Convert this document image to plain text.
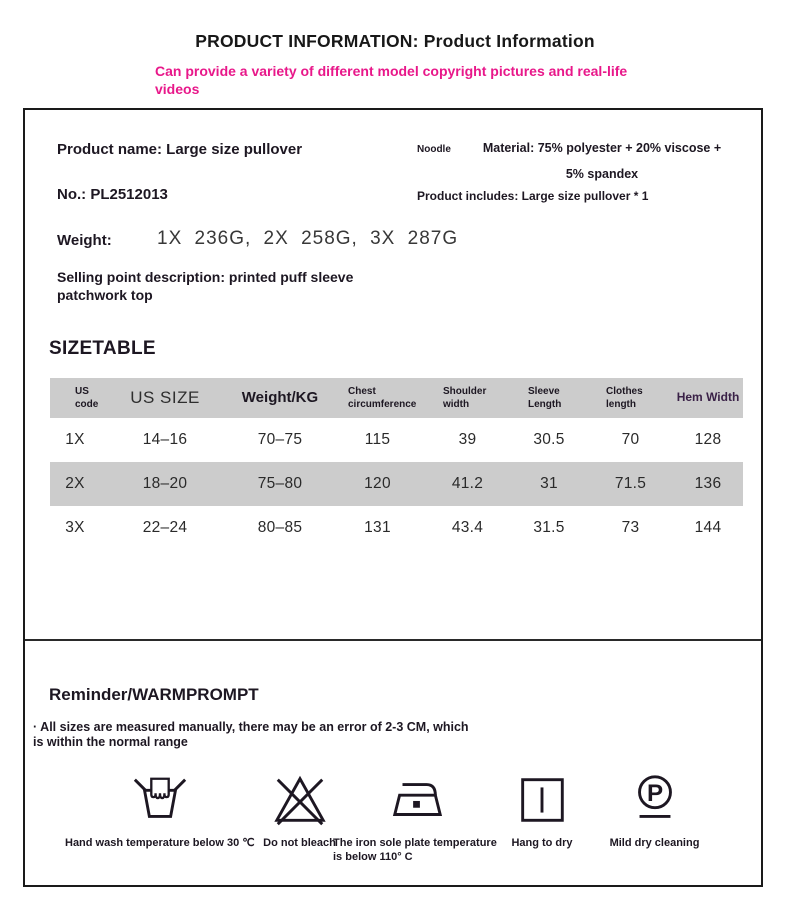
PRODUCT INFORMATION: Product Information
Can provide a variety of different model copyright pictures and real-life videos
Product name: Large size pullover	Noodle	Material: 75% polyester + 20% viscose +
5% spandex
No.: PL2512013	Product includes: Large size pullover * 1
Weight: 1X 236G, 2X 258G, 3X 287G
Selling point description: printed puff sleeve patchwork top
SIZETABLE
US code	US SIZE	Weight/KG	Chest circumference	Shoulder width	Sleeve Length	Clothes length	Hem Width
1X	14–16	70–75	115	39	30.5	70	128
2X	18–20	75–80	120	41.2	31	71.5	136
3X	22–24	80–85	131	43.4	31.5	73	144
Reminder/WARMPROMPT
· All sizes are measured manually, there may be an error of 2-3 CM, which is within the normal range
Hand wash temperature below 30 ℃ Do not bleach
The iron sole plate temperature is below 110° C
Hang to dry
P
Mild dry cleaning
